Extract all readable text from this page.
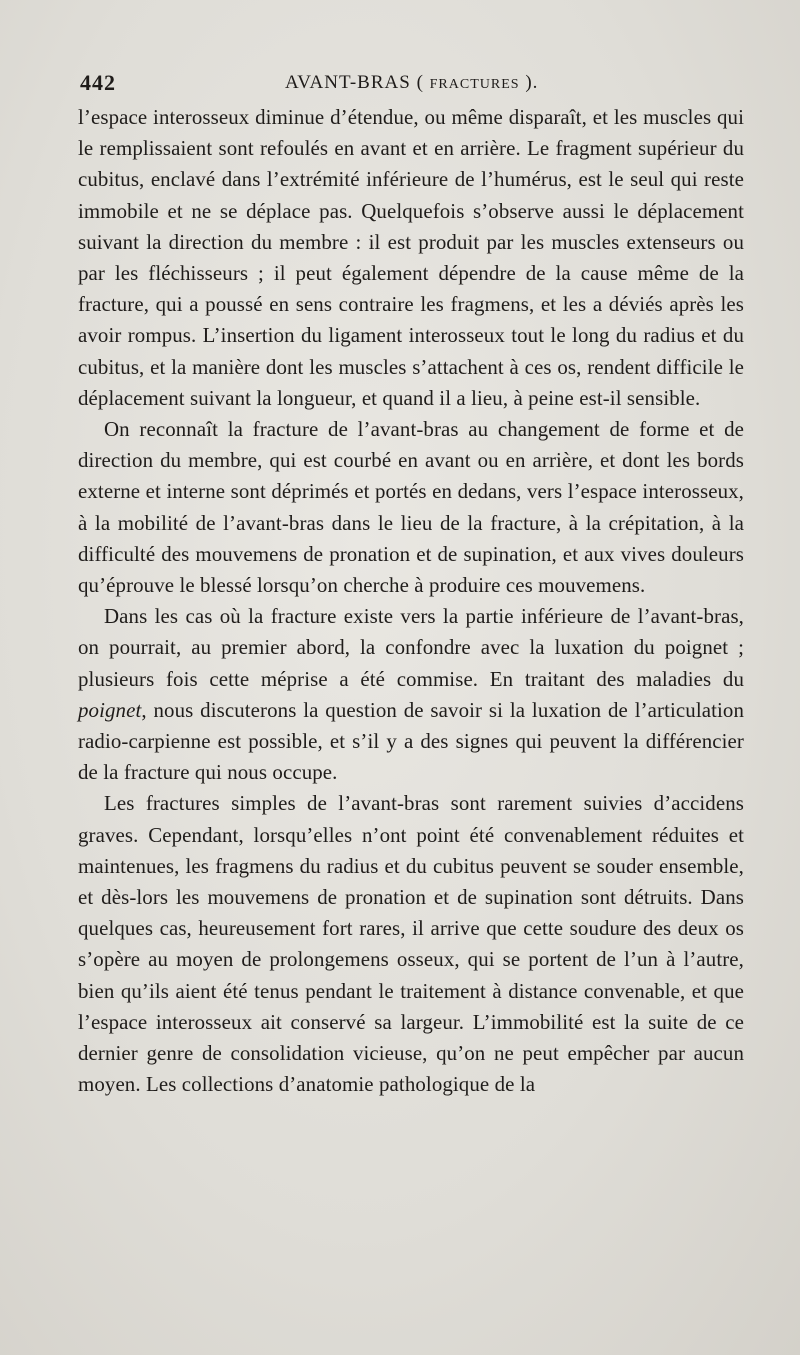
442	AVANT-BRAS ( FRACTURES ).

l’espace interosseux diminue d’étendue, ou même disparaît, et les muscles qui le remplissaient sont refoulés en avant et en arrière. Le fragment supérieur du cubitus, enclavé dans l’extrémité inférieure de l’humérus, est le seul qui reste immobile et ne se déplace pas. Quelquefois s’observe aussi le déplacement suivant la direction du membre : il est produit par les muscles extenseurs ou par les fléchisseurs ; il peut également dépendre de la cause même de la fracture, qui a poussé en sens contraire les fragmens, et les a déviés après les avoir rompus. L’insertion du ligament interosseux tout le long du radius et du cubitus, et la manière dont les muscles s’attachent à ces os, rendent difficile le déplacement suivant la longueur, et quand il a lieu, à peine est-il sensible.

On reconnaît la fracture de l’avant-bras au changement de forme et de direction du membre, qui est courbé en avant ou en arrière, et dont les bords externe et interne sont déprimés et portés en dedans, vers l’espace interosseux, à la mobilité de l’avant-bras dans le lieu de la fracture, à la crépitation, à la difficulté des mouvemens de pronation et de supination, et aux vives douleurs qu’éprouve le blessé lorsqu’on cherche à produire ces mouvemens.

Dans les cas où la fracture existe vers la partie inférieure de l’avant-bras, on pourrait, au premier abord, la confondre avec la luxation du poignet ; plusieurs fois cette méprise a été commise. En traitant des maladies du poignet, nous discuterons la question de savoir si la luxation de l’articulation radio-carpienne est possible, et s’il y a des signes qui peuvent la différencier de la fracture qui nous occupe.

Les fractures simples de l’avant-bras sont rarement suivies d’accidens graves. Cependant, lorsqu’elles n’ont point été convenablement réduites et maintenues, les fragmens du radius et du cubitus peuvent se souder ensemble, et dès-lors les mouvemens de pronation et de supination sont détruits. Dans quelques cas, heureusement fort rares, il arrive que cette soudure des deux os s’opère au moyen de prolongemens osseux, qui se portent de l’un à l’autre, bien qu’ils aient été tenus pendant le traitement à distance convenable, et que l’espace interosseux ait conservé sa largeur. L’immobilité est la suite de ce dernier genre de consolidation vicieuse, qu’on ne peut empêcher par aucun moyen. Les collections d’anatomie pathologique de la
